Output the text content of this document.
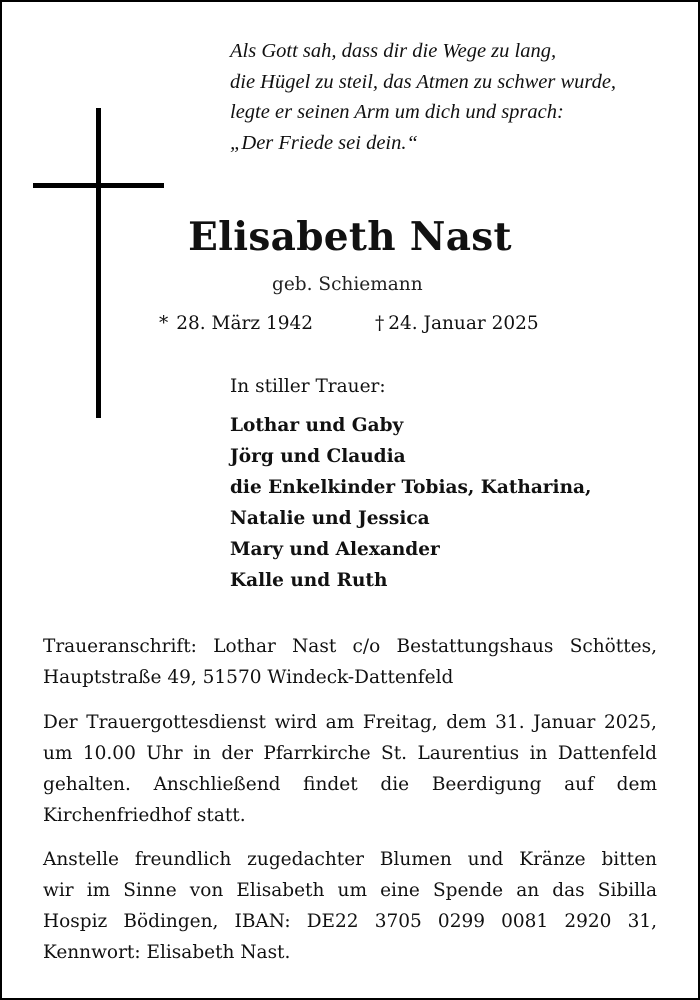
Als Gott sah, dass dir die Wege zu lang,
die Hügel zu steil, das Atmen zu schwer wurde,
legte er seinen Arm um dich und sprach:
„Der Friede sei dein.“
Elisabeth Nast
geb. Schiemann
* 28. März 1942	† 24. Januar 2025
In stiller Trauer:
Lothar und Gaby
Jörg und Claudia
die Enkelkinder Tobias, Katharina,
Natalie und Jessica
Mary und Alexander
Kalle und Ruth
Traueranschrift: Lothar Nast c/o Bestattungshaus Schöttes,
Hauptstraße 49, 51570 Windeck-Dattenfeld
Der Trauergottesdienst wird am Freitag, dem 31. Januar 2025,
um 10.00 Uhr in der Pfarrkirche St. Laurentius in Dattenfeld
gehalten. Anschließend findet die Beerdigung auf dem
Kirchenfriedhof statt.
Anstelle freundlich zugedachter Blumen und Kränze bitten
wir im Sinne von Elisabeth um eine Spende an das Sibilla
Hospiz Bödingen, IBAN: DE22 3705 0299 0081 2920 31,
Kennwort: Elisabeth Nast.
